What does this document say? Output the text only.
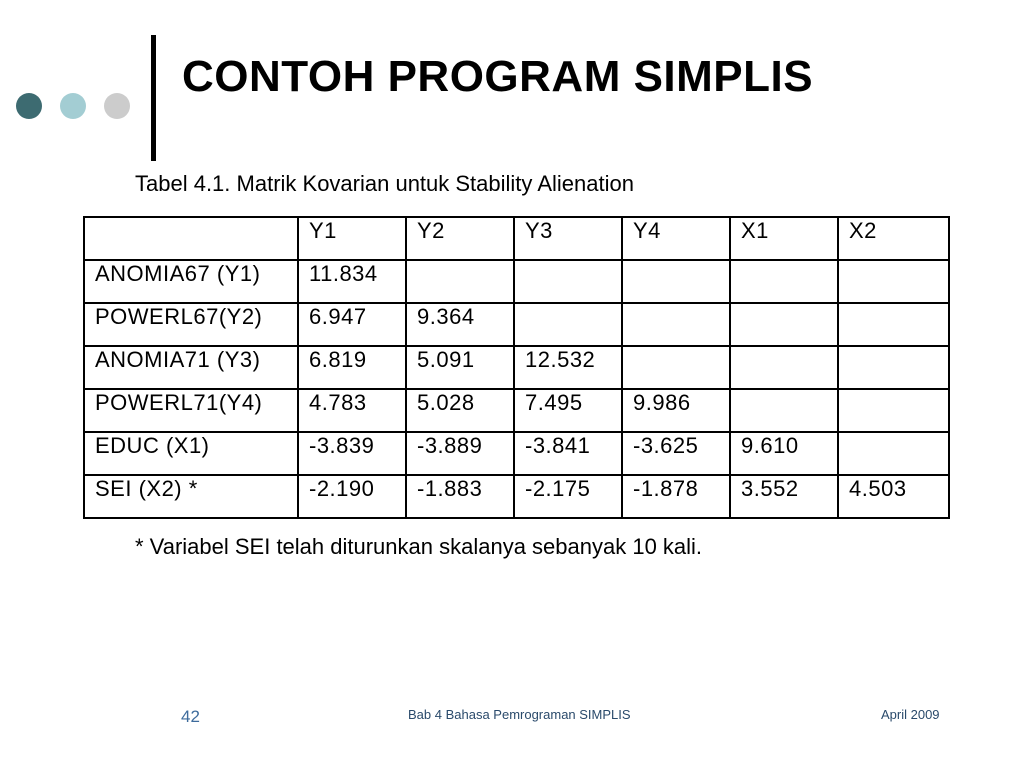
CONTOH PROGRAM SIMPLIS
Tabel 4.1. Matrik Kovarian untuk Stability Alienation
	Y1	Y2	Y3	Y4	X1	X2
ANOMIA67 (Y1)	11.834					
POWERL67(Y2)	6.947	9.364				
ANOMIA71 (Y3)	6.819	5.091	12.532			
POWERL71(Y4)	4.783	5.028	7.495	9.986		
EDUC (X1)	-3.839	-3.889	-3.841	-3.625	9.610	
SEI (X2) *	-2.190	-1.883	-2.175	-1.878	3.552	4.503
* Variabel SEI telah diturunkan skalanya sebanyak 10 kali.
42	Bab 4 Bahasa Pemrograman SIMPLIS	April 2009
